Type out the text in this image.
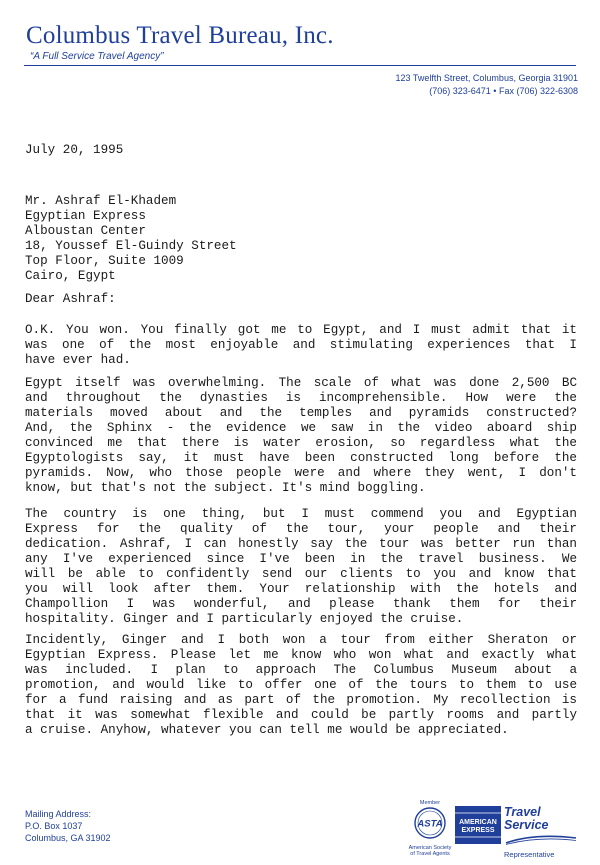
Columbus Travel Bureau, Inc.
“A Full Service Travel Agency”
123 Twelfth Street, Columbus, Georgia 31901
(706) 323-6471 • Fax (706) 322-6308
July 20, 1995
Mr. Ashraf El-Khadem
Egyptian Express
Alboustan Center
18, Youssef El-Guindy Street
Top Floor, Suite 1009
Cairo, Egypt
Dear Ashraf:
O.K. You won. You finally got me to Egypt, and I must admit that it
was one of the most enjoyable and stimulating experiences that I
have ever had.
Egypt itself was overwhelming. The scale of what was done 2,500 BC
and throughout the dynasties is incomprehensible. How were the
materials moved about and the temples and pyramids constructed?
And, the Sphinx - the evidence we saw in the video aboard ship
convinced me that there is water erosion, so regardless what the
Egyptologists say, it must have been constructed long before the
pyramids. Now, who those people were and where they went, I don't
know, but that's not the subject. It's mind boggling.
The country is one thing, but I must commend you and Egyptian
Express for the quality of the tour, your people and their
dedication. Ashraf, I can honestly say the tour was better run than
any I've experienced since I've been in the travel business. We
will be able to confidently send our clients to you and know that
you will look after them. Your relationship with the hotels and
Champollion I was wonderful, and please thank them for their
hospitality. Ginger and I particularly enjoyed the cruise.
Incidently, Ginger and I both won a tour from either Sheraton or
Egyptian Express. Please let me know who won what and exactly what
was included. I plan to approach The Columbus Museum about a
promotion, and would like to offer one of the tours to them to use
for a fund raising and as part of the promotion. My recollection is
that it was somewhat flexible and could be partly rooms and partly
a cruise. Anyhow, whatever you can tell me would be appreciated.
Mailing Address:
P.O. Box 1037
Columbus, GA 31902
Member
ASTA
American Society of Travel Agents
AMERICAN
EXPRESS
Travel
Service
Representative
